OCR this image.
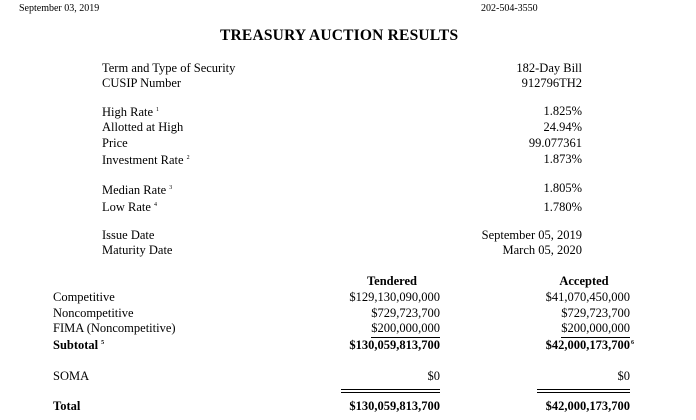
September 03, 2019	202-504-3550
TREASURY AUCTION RESULTS
Term and Type of Security
CUSIP Number
182-Day Bill
912796TH2
High Rate $^1$
Allotted at High
Price
Investment Rate $^2$
1.825%
24.94%
99.077361
1.873%
Median Rate $^3$
Low Rate $^4$
1.805%
1.780%
Issue Date
Maturity Date
September 05, 2019
March 05, 2020
Tendered	Accepted
Competitive
Noncompetitive
FIMA (Noncompetitive)
Subtotal $^5$
SOMA
Total
$129,130,090,000
$729,723,700
$200,000,000
$130,059,813,700
$0
$130,059,813,700
$41,070,450,000
$729,723,700
$200,000,000
$42,000,173,700$^6$
$0
$42,000,173,700
